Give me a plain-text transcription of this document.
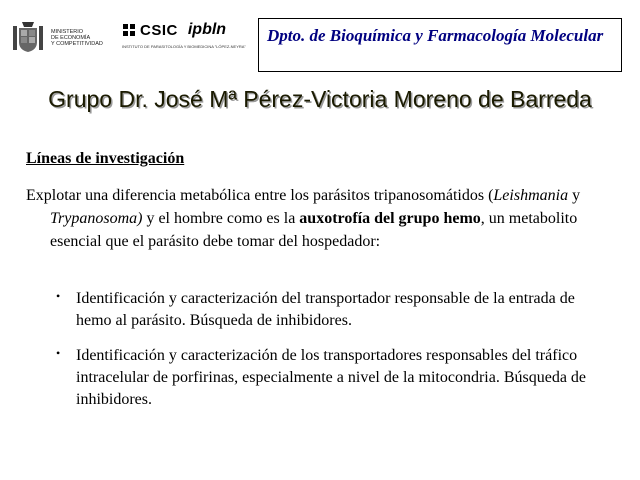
MINISTERIO
DE ECONOMÍA
Y COMPETITIVIDAD
CSIC ipbln
INSTITUTO DE PARASITOLOGÍA Y BIOMEDICINA "LÓPEZ-NEYRA"
Dpto. de Bioquímica y Farmacología Molecular
Grupo Dr. José Mª Pérez-Victoria Moreno de Barreda
Líneas de investigación
Explotar una diferencia metabólica entre los parásitos tripanosomátidos (Leishmania y Trypanosoma) y el hombre como es la auxotrofía del grupo hemo, un metabolito esencial que el parásito debe tomar del hospedador:
• Identificación y caracterización del transportador responsable de la entrada de hemo al parásito. Búsqueda de inhibidores.
• Identificación y caracterización de los transportadores responsables del tráfico intracelular de porfirinas, especialmente a nivel de la mitocondria. Búsqueda de inhibidores.
